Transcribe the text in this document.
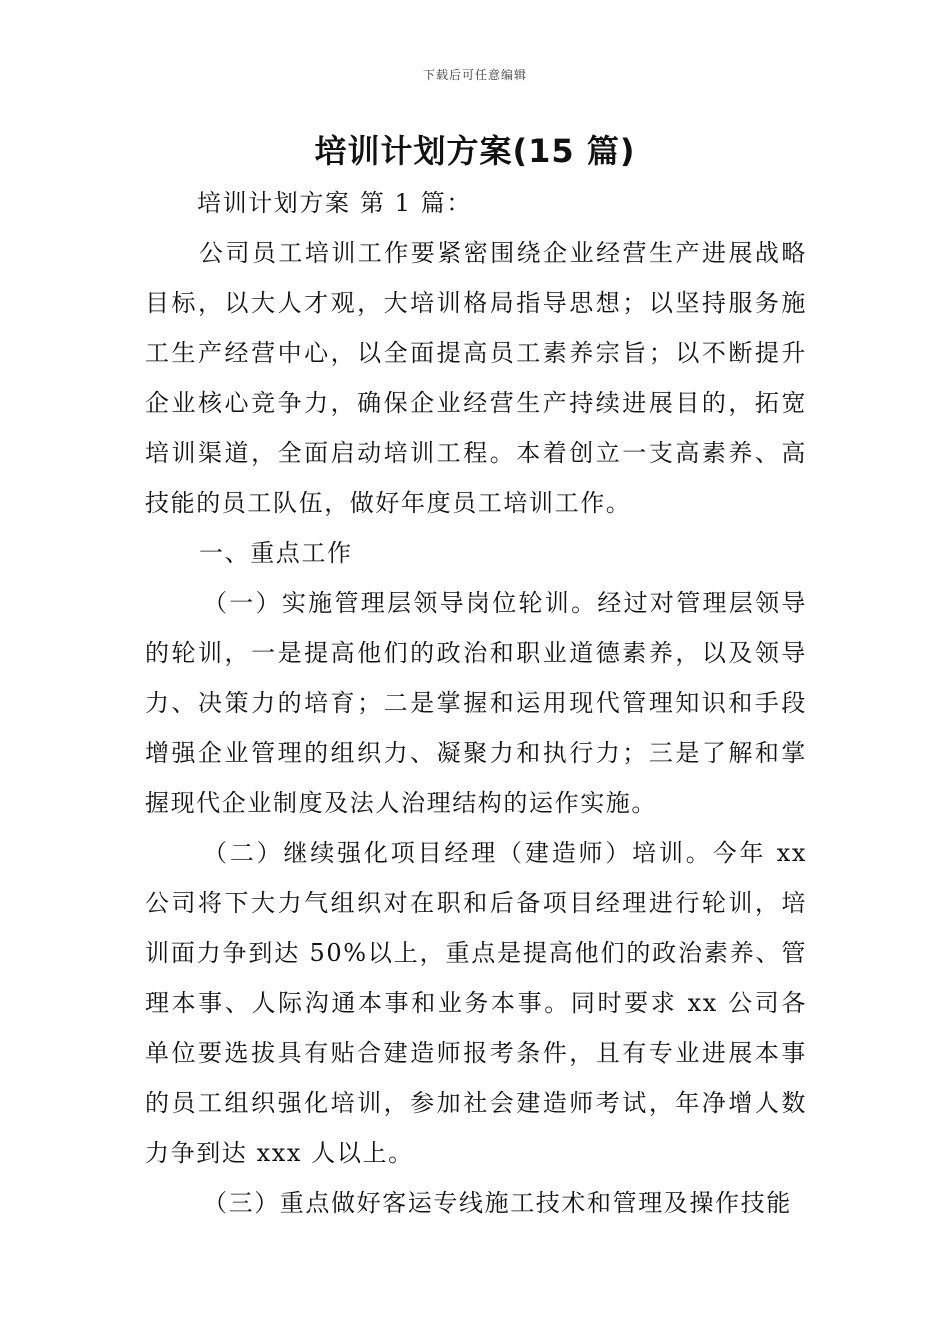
下载后可任意编辑
培训计划方案(15 篇)

培训计划方案 第 1 篇：

公司员工培训工作要紧密围绕企业经营生产进展战略目标，以大人才观，大培训格局指导思想；以坚持服务施工生产经营中心，以全面提高员工素养宗旨；以不断提升企业核心竞争力，确保企业经营生产持续进展目的，拓宽培训渠道，全面启动培训工程。本着创立一支高素养、高技能的员工队伍，做好年度员工培训工作。

一、重点工作

（一）实施管理层领导岗位轮训。经过对管理层领导的轮训，一是提高他们的政治和职业道德素养，以及领导力、决策力的培育；二是掌握和运用现代管理知识和手段增强企业管理的组织力、凝聚力和执行力；三是了解和掌握现代企业制度及法人治理结构的运作实施。

（二）继续强化项目经理（建造师）培训。今年 xx 公司将下大力气组织对在职和后备项目经理进行轮训，培训面力争到达 50%以上，重点是提高他们的政治素养、管理本事、人际沟通本事和业务本事。同时要求 xx 公司各单位要选拔具有贴合建造师报考条件，且有专业进展本事的员工组织强化培训，参加社会建造师考试，年净增人数力争到达 xxx 人以上。

（三）重点做好客运专线施工技术和管理及操作技能
